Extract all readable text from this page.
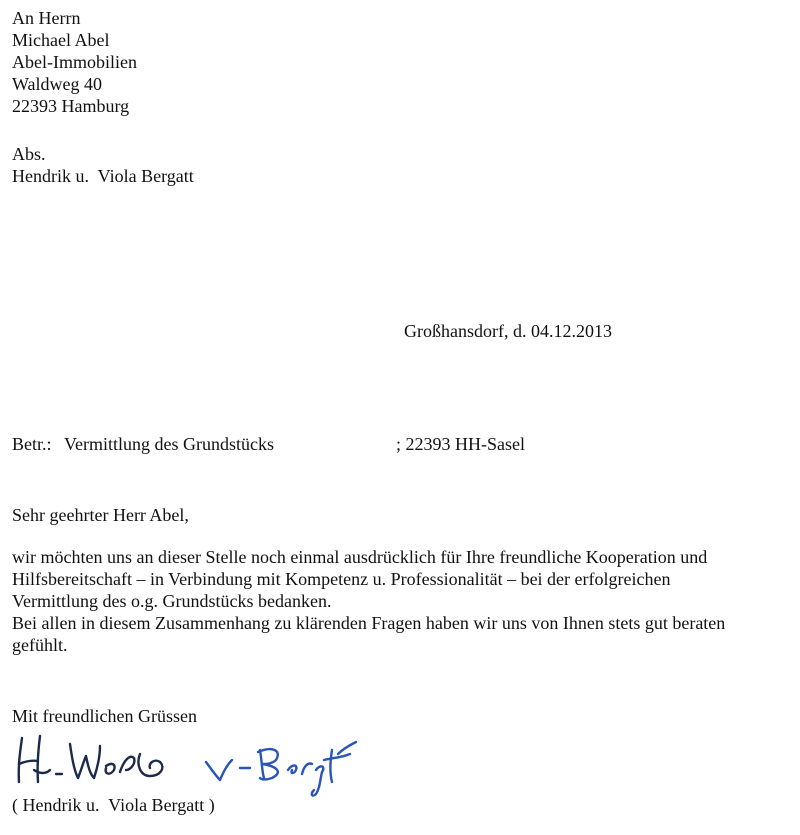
An Herrn
Michael Abel
Abel-Immobilien
Waldweg 40
22393 Hamburg
Abs.
Hendrik u.  Viola Bergatt
Großhansdorf, d. 04.12.2013
Betr.: Vermittlung des Grundstücks	; 22393 HH-Sasel
Sehr geehrter Herr Abel,
wir möchten uns an dieser Stelle noch einmal ausdrücklich für Ihre freundliche Kooperation und
Hilfsbereitschaft – in Verbindung mit Kompetenz u. Professionalität – bei der erfolgreichen
Vermittlung des o.g. Grundstücks bedanken.
Bei allen in diesem Zusammenhang zu klärenden Fragen haben wir uns von Ihnen stets gut beraten
gefühlt.
Mit freundlichen Grüssen
( Hendrik u.  Viola Bergatt )
